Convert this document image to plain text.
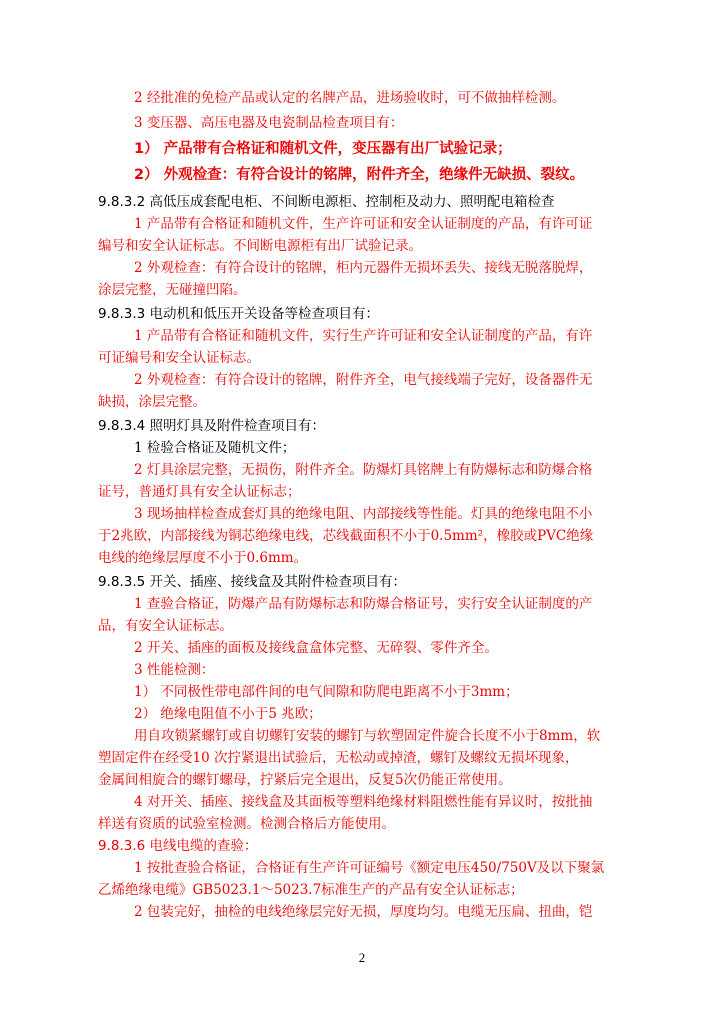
2
2 经批准的免检产品或认定的名牌产品，进场验收时，可不做抽样检测。
3 变压器、高压电器及电瓷制品检查项目有：
1） 产品带有合格证和随机文件，变压器有出厂试验记录；
2） 外观检查：有符合设计的铭牌，附件齐全，绝缘件无缺损、裂纹。
9.8.3.2 高低压成套配电柜、不间断电源柜、控制柜及动力、照明配电箱检查
1 产品带有合格证和随机文件，生产许可证和安全认证制度的产品，有许可证
编号和安全认证标志。不间断电源柜有出厂试验记录。
2 外观检查：有符合设计的铭牌，柜内元器件无损坏丢失、接线无脱落脱焊，
涂层完整，无碰撞凹陷。
9.8.3.3 电动机和低压开关设备等检查项目有：
1 产品带有合格证和随机文件，实行生产许可证和安全认证制度的产品，有许
可证编号和安全认证标志。
2 外观检查：有符合设计的铭牌，附件齐全，电气接线端子完好，设备器件无
缺损，涂层完整。
9.8.3.4 照明灯具及附件检查项目有：
1 检验合格证及随机文件；
2 灯具涂层完整，无损伤，附件齐全。防爆灯具铭牌上有防爆标志和防爆合格
证号，普通灯具有安全认证标志；
3 现场抽样检查成套灯具的绝缘电阻、内部接线等性能。灯具的绝缘电阻不小
于2兆欧，内部接线为铜芯绝缘电线，芯线截面积不小于0.5mm²，橡胶或PVC绝缘
电线的绝缘层厚度不小于0.6mm。
9.8.3.5 开关、插座、接线盒及其附件检查项目有：
1 查验合格证，防爆产品有防爆标志和防爆合格证号，实行安全认证制度的产
品，有安全认证标志。
2 开关、插座的面板及接线盒盒体完整、无碎裂、零件齐全。
3 性能检测：
1） 不同极性带电部件间的电气间隙和防爬电距离不小于3mm；
2） 绝缘电阻值不小于5 兆欧；
用自攻锁紧螺钉或自切螺钉安装的螺钉与软塑固定件旋合长度不小于8mm，软
塑固定件在经受10 次拧紧退出试验后，无松动或掉渣，螺钉及螺纹无损坏现象，
金属间相旋合的螺钉螺母，拧紧后完全退出，反复5次仍能正常使用。
4 对开关、插座、接线盒及其面板等塑料绝缘材料阻燃性能有异议时，按批抽
样送有资质的试验室检测。检测合格后方能使用。
9.8.3.6 电线电缆的查验：
1 按批查验合格证，合格证有生产许可证编号《额定电压450/750V及以下聚氯
乙烯绝缘电缆》GB5023.1～5023.7标准生产的产品有安全认证标志；
2 包装完好，抽检的电线绝缘层完好无损，厚度均匀。电缆无压扁、扭曲，铠
